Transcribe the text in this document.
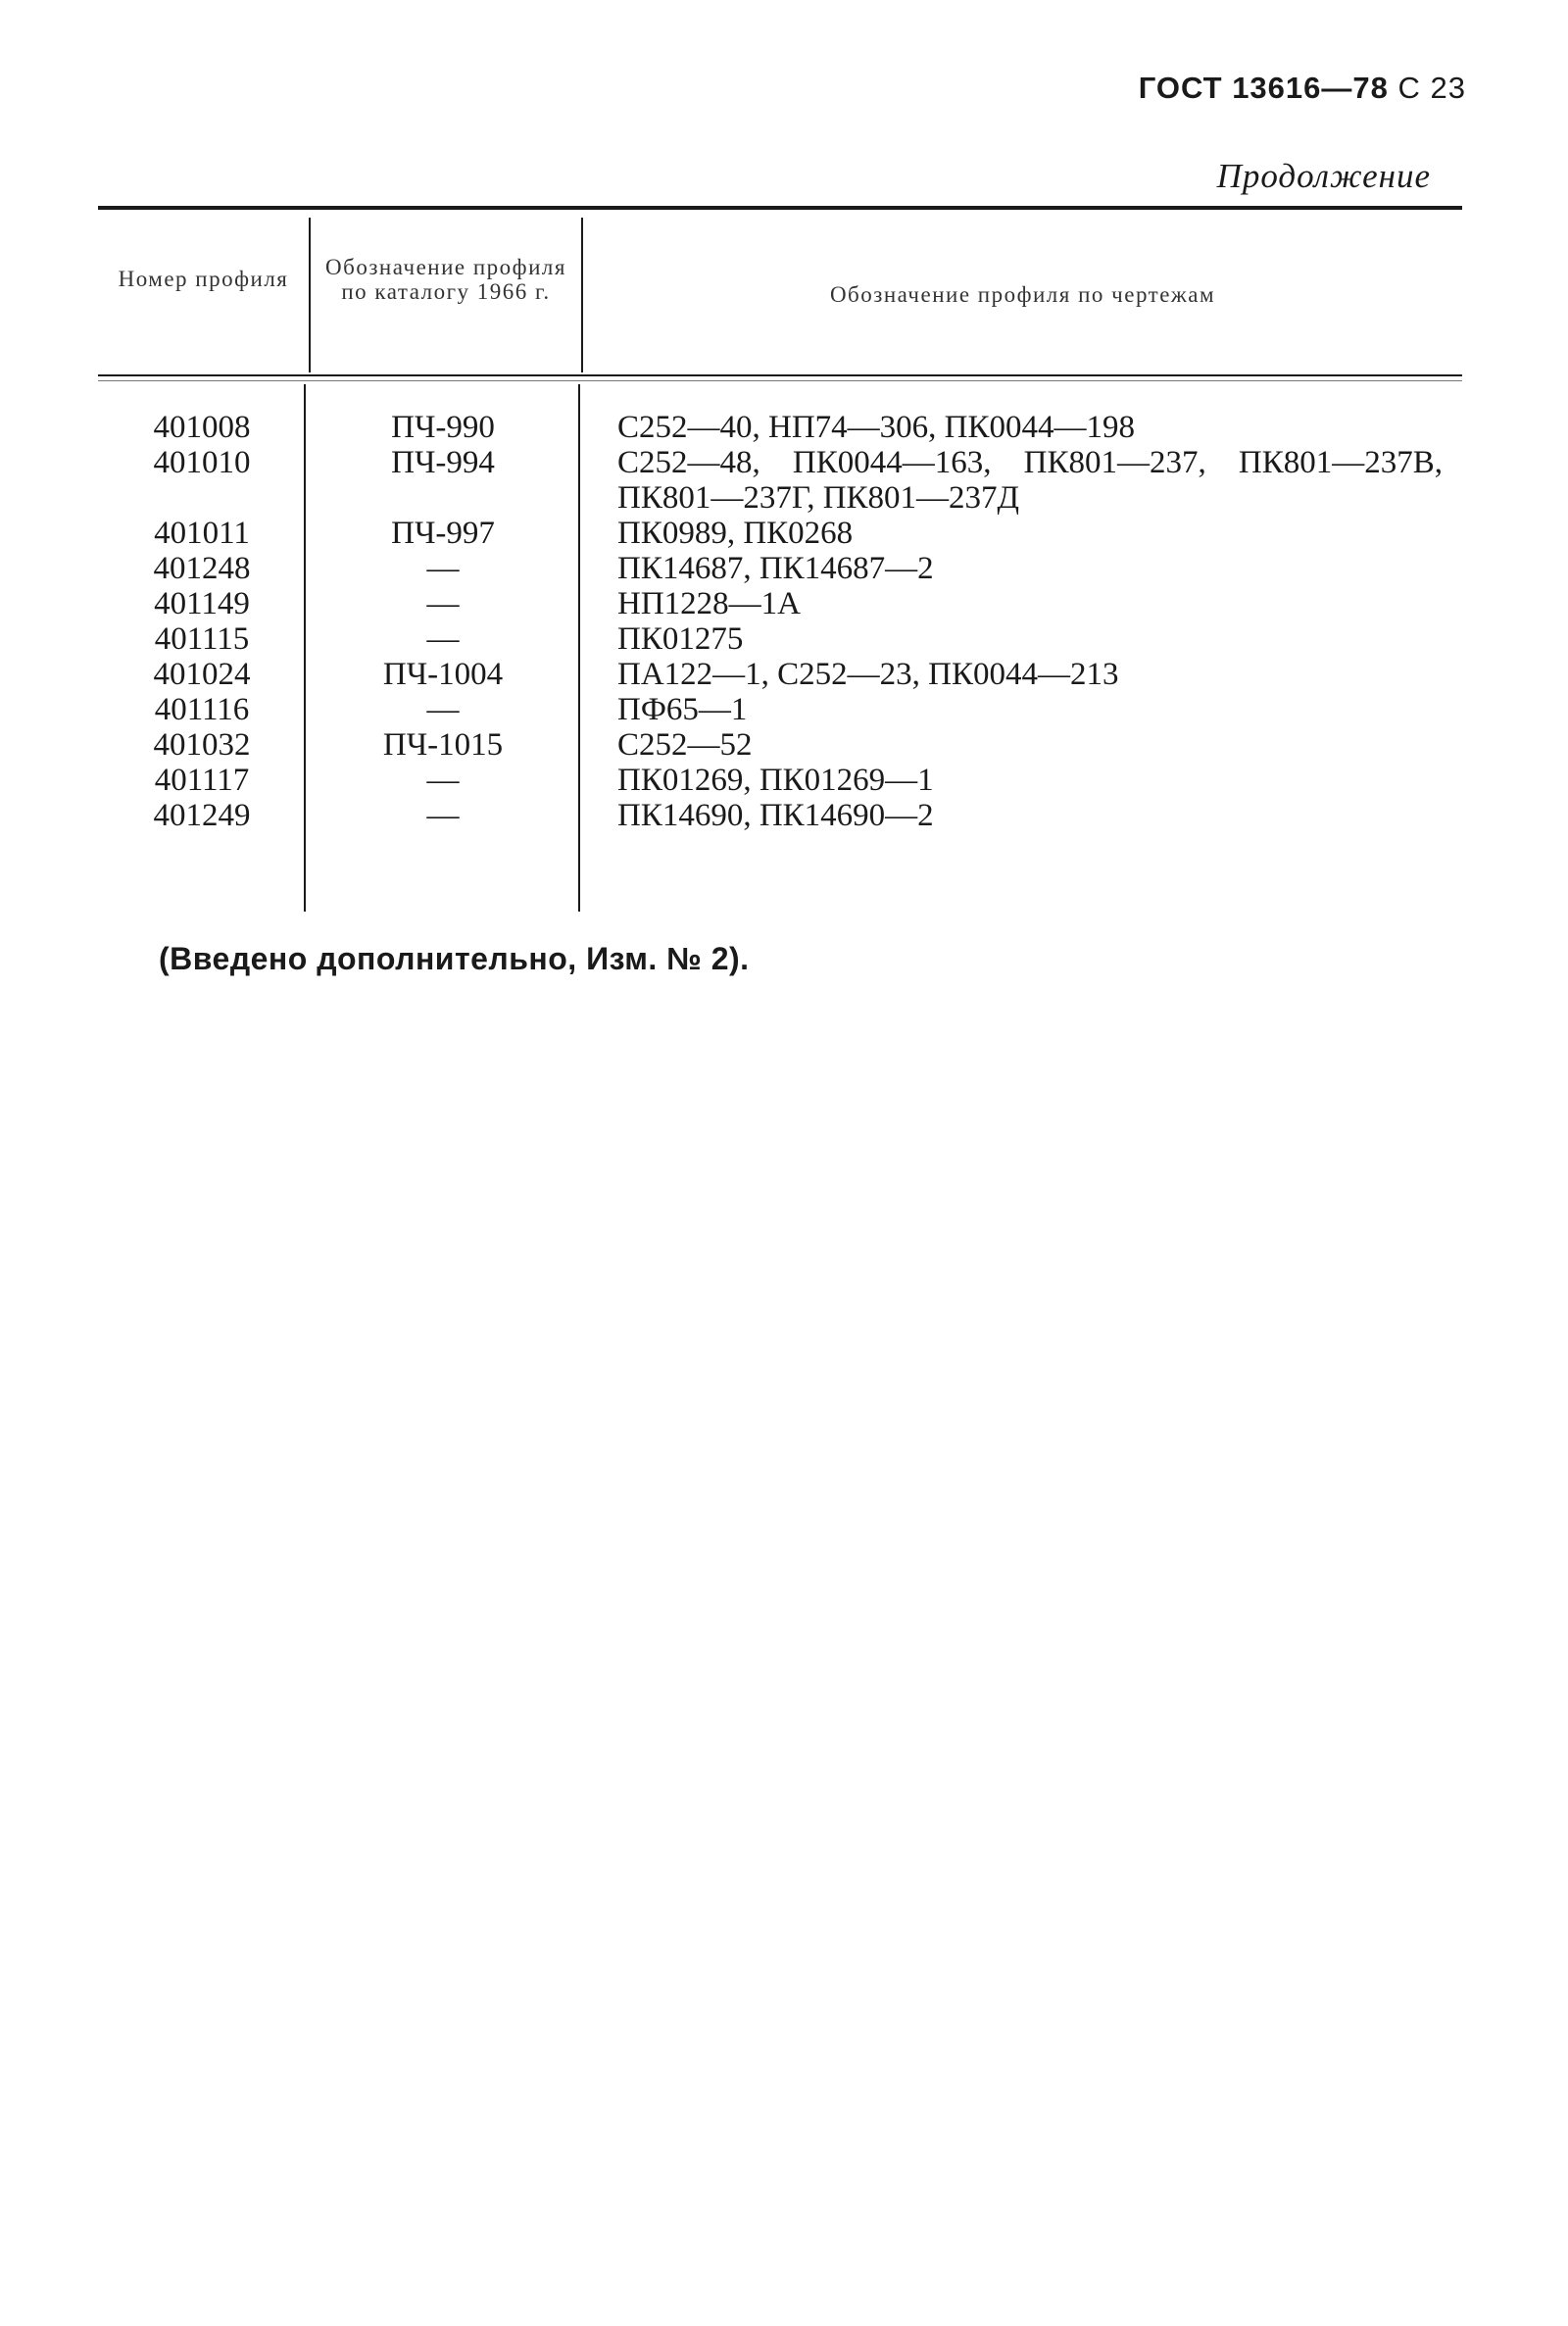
ГОСТ 13616—78 С 23
Продолжение
Номер профиля	Обозначение профиля по каталогу 1966 г.	Обозначение профиля по чертежам
401008	ПЧ-990	С252—40, НП74—306, ПК0044—198
401010	ПЧ-994	С252—48, ПК0044—163, ПК801—237, ПК801—237В, ПК801—237Г, ПК801—237Д
401011	ПЧ-997	ПК0989, ПК0268
401248	—	ПК14687, ПК14687—2
401149	—	НП1228—1А
401115	—	ПК01275
401024	ПЧ-1004	ПА122—1, С252—23, ПК0044—213
401116	—	ПФ65—1
401032	ПЧ-1015	С252—52
401117	—	ПК01269, ПК01269—1
401249	—	ПК14690, ПК14690—2
(Введено дополнительно, Изм. № 2).
